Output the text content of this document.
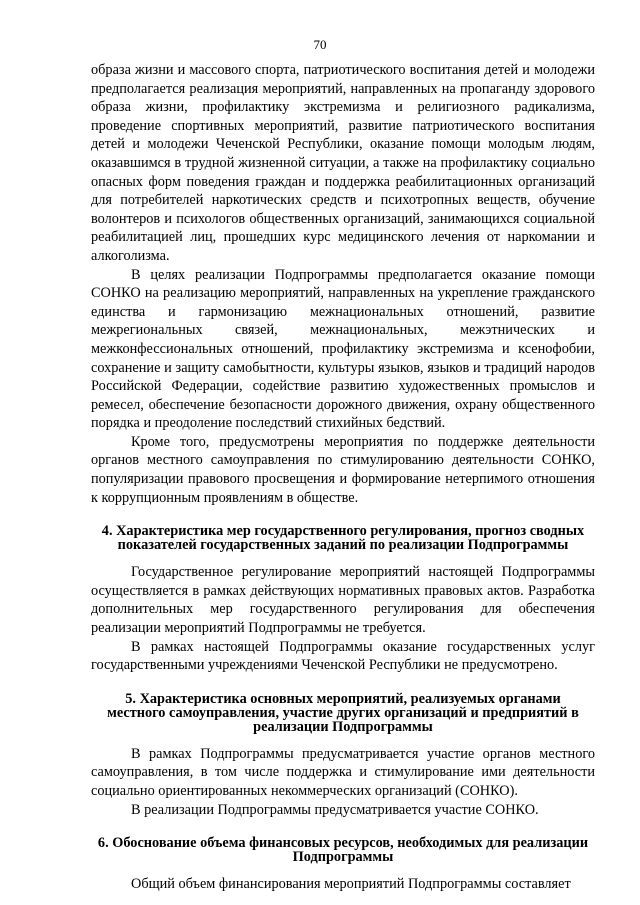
70

образа жизни и массового спорта, патриотического воспитания детей и молодежи предполагается реализация мероприятий, направленных на пропаганду здорового образа жизни, профилактику экстремизма и религиозного радикализма, проведение спортивных мероприятий, развитие патриотического воспитания детей и молодежи Чеченской Республики, оказание помощи молодым людям, оказавшимся в трудной жизненной ситуации, а также на профилактику социально опасных форм поведения граждан и поддержка реабилитационных организаций для потребителей наркотических средств и психотропных веществ, обучение волонтеров и психологов общественных организаций, занимающихся социальной реабилитацией лиц, прошедших курс медицинского лечения от наркомании и алкоголизма.

В целях реализации Подпрограммы предполагается оказание помощи СОНКО на реализацию мероприятий, направленных на укрепление гражданского единства и гармонизацию межнациональных отношений, развитие межрегиональных связей, межнациональных, межэтнических и межконфессиональных отношений, профилактику экстремизма и ксенофобии, сохранение и защиту самобытности, культуры языков, языков и традиций народов Российской Федерации, содействие развитию художественных промыслов и ремесел, обеспечение безопасности дорожного движения, охрану общественного порядка и преодоление последствий стихийных бедствий.

Кроме того, предусмотрены мероприятия по поддержке деятельности органов местного самоуправления по стимулированию деятельности СОНКО, популяризации правового просвещения и формирование нетерпимого отношения к коррупционным проявлениям в обществе.

4. Характеристика мер государственного регулирования, прогноз сводных показателей государственных заданий по реализации Подпрограммы

Государственное регулирование мероприятий настоящей Подпрограммы осуществляется в рамках действующих нормативных правовых актов. Разработка дополнительных мер государственного регулирования для обеспечения реализации мероприятий Подпрограммы не требуется.

В рамках настоящей Подпрограммы оказание государственных услуг государственными учреждениями Чеченской Республики не предусмотрено.

5. Характеристика основных мероприятий, реализуемых органами местного самоуправления, участие других организаций и предприятий в реализации Подпрограммы

В рамках Подпрограммы предусматривается участие органов местного самоуправления, в том числе поддержка и стимулирование ими деятельности социально ориентированных некоммерческих организаций (СОНКО).

В реализации Подпрограммы предусматривается участие СОНКО.

6. Обоснование объема финансовых ресурсов, необходимых для реализации Подпрограммы

Общий объем финансирования мероприятий Подпрограммы составляет
